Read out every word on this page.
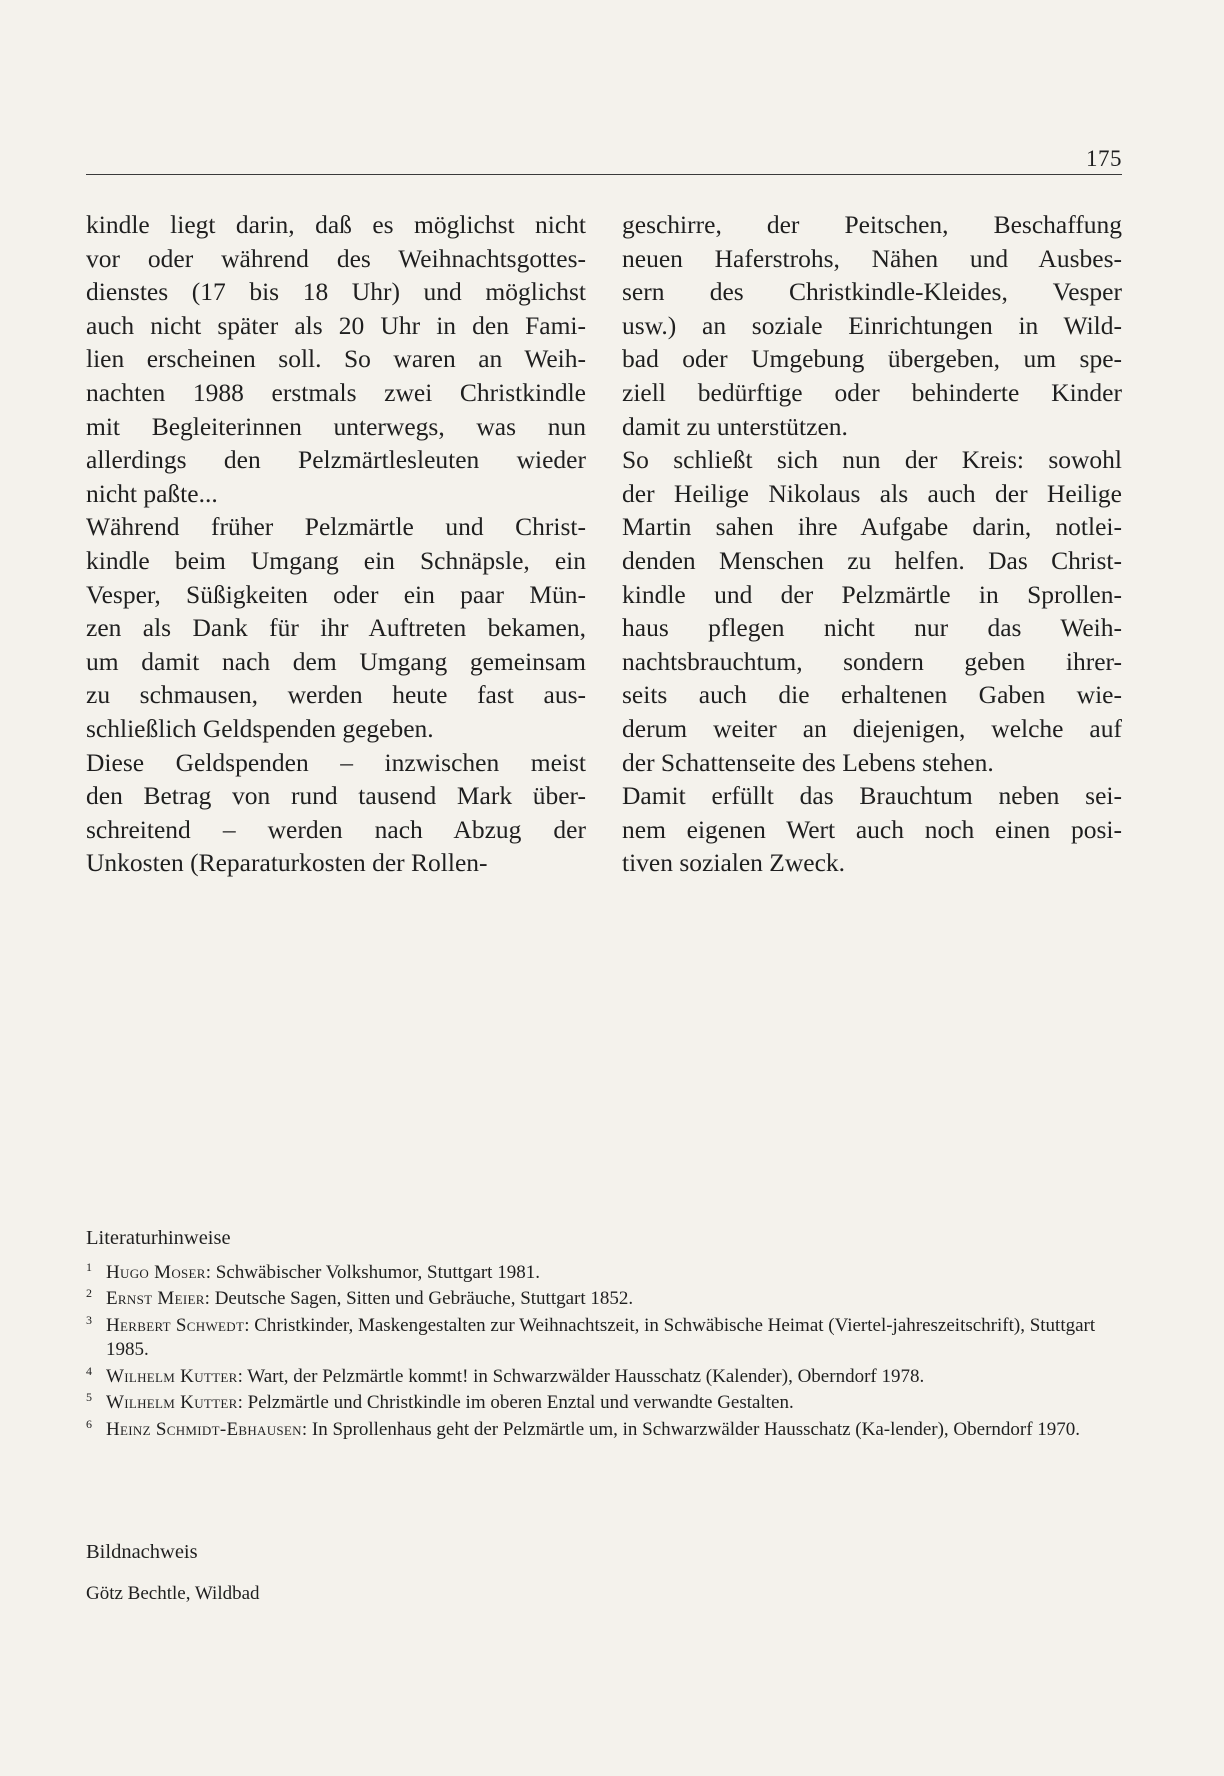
175
kindle liegt darin, daß es möglichst nicht
vor oder während des Weihnachtsgottes-
dienstes (17 bis 18 Uhr) und möglichst
auch nicht später als 20 Uhr in den Fami-
lien erscheinen soll. So waren an Weih-
nachten 1988 erstmals zwei Christkindle
mit Begleiterinnen unterwegs, was nun
allerdings den Pelzmärtlesleuten wieder
nicht paßte...
Während früher Pelzmärtle und Christ-
kindle beim Umgang ein Schnäpsle, ein
Vesper, Süßigkeiten oder ein paar Mün-
zen als Dank für ihr Auftreten bekamen,
um damit nach dem Umgang gemeinsam
zu schmausen, werden heute fast aus-
schließlich Geldspenden gegeben.
Diese Geldspenden – inzwischen meist
den Betrag von rund tausend Mark über-
schreitend – werden nach Abzug der
Unkosten (Reparaturkosten der Rollen-
geschirre, der Peitschen, Beschaffung
neuen Haferstrohs, Nähen und Ausbes-
sern des Christkindle-Kleides, Vesper
usw.) an soziale Einrichtungen in Wild-
bad oder Umgebung übergeben, um spe-
ziell bedürftige oder behinderte Kinder
damit zu unterstützen.
So schließt sich nun der Kreis: sowohl
der Heilige Nikolaus als auch der Heilige
Martin sahen ihre Aufgabe darin, notlei-
denden Menschen zu helfen. Das Christ-
kindle und der Pelzmärtle in Sprollen-
haus pflegen nicht nur das Weih-
nachtsbrauchtum, sondern geben ihrer-
seits auch die erhaltenen Gaben wie-
derum weiter an diejenigen, welche auf
der Schattenseite des Lebens stehen.
Damit erfüllt das Brauchtum neben sei-
nem eigenen Wert auch noch einen posi-
tiven sozialen Zweck.
Literaturhinweise
1 Hugo Moser: Schwäbischer Volkshumor, Stuttgart 1981.
2 Ernst Meier: Deutsche Sagen, Sitten und Gebräuche, Stuttgart 1852.
3 Herbert Schwedt: Christkinder, Maskengestalten zur Weihnachtszeit, in Schwäbische Heimat (Viertel-jahreszeitschrift), Stuttgart 1985.
4 Wilhelm Kutter: Wart, der Pelzmärtle kommt! in Schwarzwälder Hausschatz (Kalender), Oberndorf 1978.
5 Wilhelm Kutter: Pelzmärtle und Christkindle im oberen Enztal und verwandte Gestalten.
6 Heinz Schmidt-Ebhausen: In Sprollenhaus geht der Pelzmärtle um, in Schwarzwälder Hausschatz (Ka-lender), Oberndorf 1970.
Bildnachweis
Götz Bechtle, Wildbad
